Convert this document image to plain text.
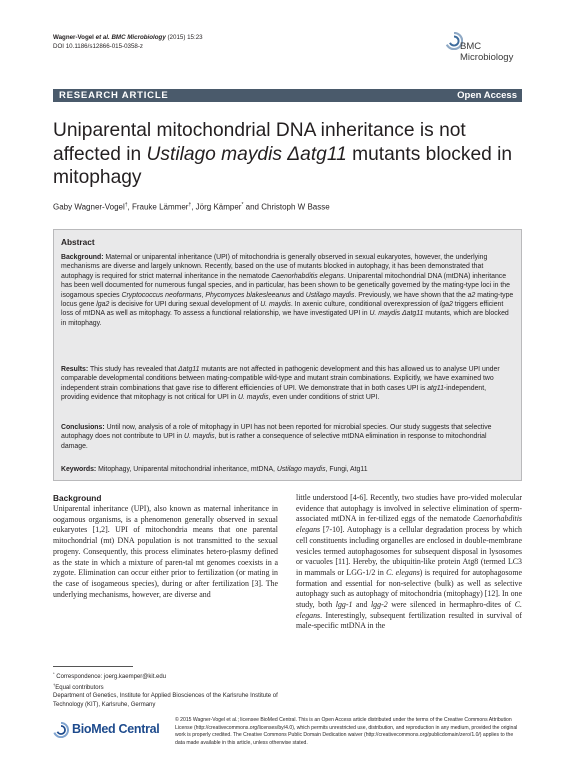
Wagner-Vogel et al. BMC Microbiology (2015) 15:23
DOI 10.1186/s12866-015-0358-z	BMC
Microbiology
RESEARCH ARTICLE	Open Access
Uniparental mitochondrial DNA inheritance is not affected in Ustilago maydis Δatg11 mutants blocked in mitophagy
Gaby Wagner-Vogel†, Frauke Lämmer†, Jörg Kämper* and Christoph W Basse
Abstract
Background: Maternal or uniparental inheritance (UPI) of mitochondria is generally observed in sexual eukaryotes, however, the underlying mechanisms are diverse and largely unknown. Recently, based on the use of mutants blocked in autophagy, it has been demonstrated that autophagy is required for strict maternal inheritance in the nematode Caenorhabditis elegans. Uniparental mitochondrial DNA (mtDNA) inheritance has been well documented for numerous fungal species, and in particular, has been shown to be genetically governed by the mating-type loci in the isogamous species Cryptococcus neoformans, Phycomyces blakesleeanus and Ustilago maydis. Previously, we have shown that the a2 mating-type locus gene lga2 is decisive for UPI during sexual development of U. maydis. In axenic culture, conditional overexpression of lga2 triggers efficient loss of mtDNA as well as mitophagy. To assess a functional relationship, we have investigated UPI in U. maydis Δatg11 mutants, which are blocked in mitophagy.
Results: This study has revealed that Δatg11 mutants are not affected in pathogenic development and this has allowed us to analyse UPI under comparable developmental conditions between mating-compatible wild-type and mutant strain combinations. Explicitly, we have examined two independent strain combinations that gave rise to different efficiencies of UPI. We demonstrate that in both cases UPI is atg11-independent, providing evidence that mitophagy is not critical for UPI in U. maydis, even under conditions of strict UPI.
Conclusions: Until now, analysis of a role of mitophagy in UPI has not been reported for microbial species. Our study suggests that selective autophagy does not contribute to UPI in U. maydis, but is rather a consequence of selective mtDNA elimination in response to mitochondrial damage.
Keywords: Mitophagy, Uniparental mitochondrial inheritance, mtDNA, Ustilago maydis, Fungi, Atg11
Background
Uniparental inheritance (UPI), also known as maternal inheritance in oogamous organisms, is a phenomenon generally observed in sexual eukaryotes [1,2]. UPI of mitochondria means that one parental mitochondrial (mt) DNA population is not transmitted to the sexual progeny. Consequently, this process eliminates hetero-plasmy defined as the state in which a mixture of paren-tal mt genomes coexists in a zygote. Elimination can occur either prior to fertilization (or mating in the case of isogameous species), during or after fertilization [3]. The underlying mechanisms, however, are diverse and
little understood [4-6]. Recently, two studies have pro-vided molecular evidence that autophagy is involved in selective elimination of sperm-associated mtDNA in fer-tilized eggs of the nematode Caenorhabditis elegans [7-10]. Autophagy is a cellular degradation process by which cell constituents including organelles are enclosed in double-membrane vesicles termed autophagosomes for subsequent disposal in lysosomes or vacuoles [11]. Hereby, the ubiquitin-like protein Atg8 (termed LC3 in mammals or LGG-1/2 in C. elegans) is required for autophagosome formation and essential for non-selective (bulk) as well as selective autophagy such as autophagy of mitochondria (mitophagy) [12]. In one study, both lgg-1 and lgg-2 were silenced in hermaphro-dites of C. elegans. Interestingly, subsequent fertilization resulted in survival of male-specific mtDNA in the
* Correspondence: joerg.kaemper@kit.edu
†Equal contributors
Department of Genetics, Institute for Applied Biosciences of the Karlsruhe Institute of Technology (KIT), Karlsruhe, Germany
BioMed Central
© 2015 Wagner-Vogel et al.; licensee BioMed Central. This is an Open Access article distributed under the terms of the Creative Commons Attribution License (http://creativecommons.org/licenses/by/4.0), which permits unrestricted use, distribution, and reproduction in any medium, provided the original work is properly credited. The Creative Commons Public Domain Dedication waiver (http://creativecommons.org/publicdomain/zero/1.0/) applies to the data made available in this article, unless otherwise stated.
